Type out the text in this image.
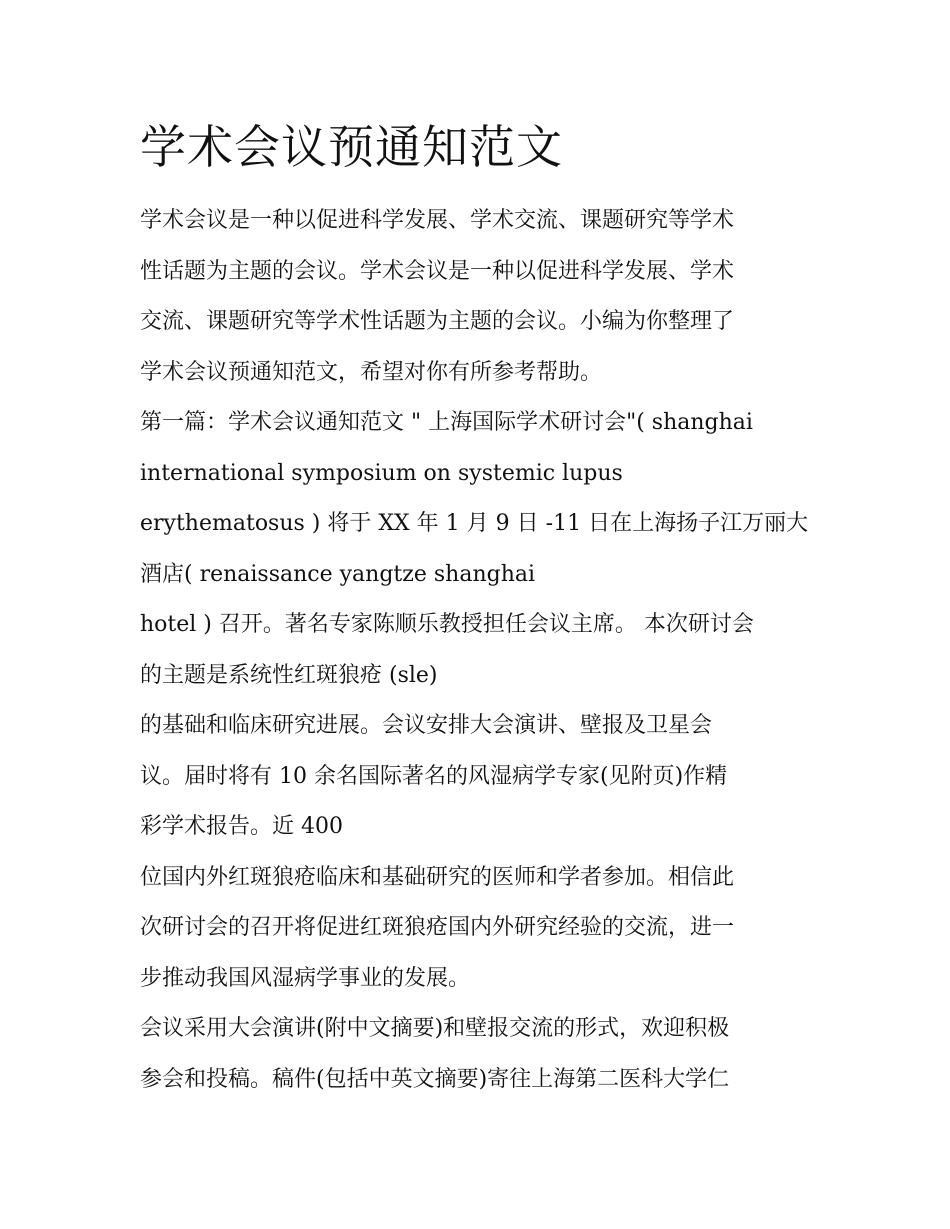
学术会议预通知范文

学术会议是一种以促进科学发展、学术交流、课题研究等学术

性话题为主题的会议。学术会议是一种以促进科学发展、学术

交流、课题研究等学术性话题为主题的会议。小编为你整理了

学术会议预通知范文，希望对你有所参考帮助。

第一篇：学术会议通知范文 " 上海国际学术研讨会"( shanghai

international symposium on systemic lupus

erythematosus ) 将于 XX 年 1 月 9 日 -11 日在上海扬子江万丽大

酒店( renaissance yangtze shanghai

hotel ) 召开。著名专家陈顺乐教授担任会议主席。 本次研讨会

的主题是系统性红斑狼疮 (sle)

的基础和临床研究进展。会议安排大会演讲、壁报及卫星会

议。届时将有 10 余名国际著名的风湿病学专家(见附页)作精

彩学术报告。近 400

位国内外红斑狼疮临床和基础研究的医师和学者参加。相信此

次研讨会的召开将促进红斑狼疮国内外研究经验的交流，进一

步推动我国风湿病学事业的发展。

会议采用大会演讲(附中文摘要)和壁报交流的形式，欢迎积极

参会和投稿。稿件(包括中英文摘要)寄往上海第二医科大学仁
